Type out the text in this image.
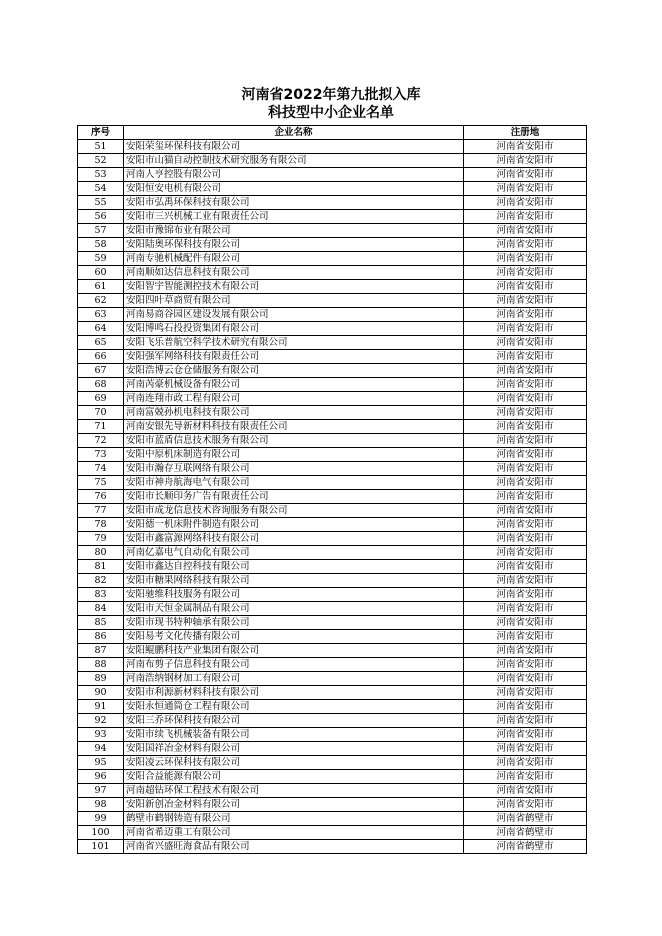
河南省2022年第九批拟入库
科技型中小企业名单
序号	企业名称	注册地
51	安阳荣玺环保科技有限公司	河南省安阳市
52	安阳市山猫自动控制技术研究服务有限公司	河南省安阳市
53	河南人亨控股有限公司	河南省安阳市
54	安阳恒安电机有限公司	河南省安阳市
55	安阳市弘禹环保科技有限公司	河南省安阳市
56	安阳市三兴机械工业有限责任公司	河南省安阳市
57	安阳市豫锦布业有限公司	河南省安阳市
58	安阳陆奥环保科技有限公司	河南省安阳市
59	河南专驰机械配件有限公司	河南省安阳市
60	河南顺如达信息科技有限公司	河南省安阳市
61	安阳智宇智能测控技术有限公司	河南省安阳市
62	安阳四叶草商贸有限公司	河南省安阳市
63	河南易商谷园区建设发展有限公司	河南省安阳市
64	安阳博鸣石投投资集团有限公司	河南省安阳市
65	安阳飞乐普航空科学技术研究有限公司	河南省安阳市
66	安阳强军网络科技有限责任公司	河南省安阳市
67	安阳浩博云仓仓储服务有限公司	河南省安阳市
68	河南芮豪机械设备有限公司	河南省安阳市
69	河南连翔市政工程有限公司	河南省安阳市
70	河南富兢孙机电科技有限公司	河南省安阳市
71	河南安银先导新材料科技有限责任公司	河南省安阳市
72	安阳市蓝盾信息技术服务有限公司	河南省安阳市
73	安阳中原机床制造有限公司	河南省安阳市
74	安阳市瀚存互联网络有限公司	河南省安阳市
75	安阳市神舟航海电气有限公司	河南省安阳市
76	安阳市长顺印务广告有限责任公司	河南省安阳市
77	安阳市成龙信息技术咨询服务有限公司	河南省安阳市
78	安阳德一机床附件制造有限公司	河南省安阳市
79	安阳市鑫富源网络科技有限公司	河南省安阳市
80	河南亿嘉电气自动化有限公司	河南省安阳市
81	安阳市鑫达自控科技有限公司	河南省安阳市
82	安阳市糖果网络科技有限公司	河南省安阳市
83	安阳驰维科技服务有限公司	河南省安阳市
84	安阳市天恒金属制品有限公司	河南省安阳市
85	安阳市现书特种轴承有限公司	河南省安阳市
86	安阳易考文化传播有限公司	河南省安阳市
87	安阳鲲鹏科技产业集团有限公司	河南省安阳市
88	河南布剪子信息科技有限公司	河南省安阳市
89	河南浩纳钢材加工有限公司	河南省安阳市
90	安阳市利源新材料科技有限公司	河南省安阳市
91	安阳永恒通筒仓工程有限公司	河南省安阳市
92	安阳三乔环保科技有限公司	河南省安阳市
93	安阳市续飞机械装备有限公司	河南省安阳市
94	安阳国祥冶金材料有限公司	河南省安阳市
95	安阳凌云环保科技有限公司	河南省安阳市
96	安阳合益能源有限公司	河南省安阳市
97	河南超钻环保工程技术有限公司	河南省安阳市
98	安阳新创冶金材料有限公司	河南省安阳市
99	鹤壁市鹤钢铸造有限公司	河南省鹤壁市
100	河南省希迈重工有限公司	河南省鹤壁市
101	河南省兴盛旺海食品有限公司	河南省鹤壁市
